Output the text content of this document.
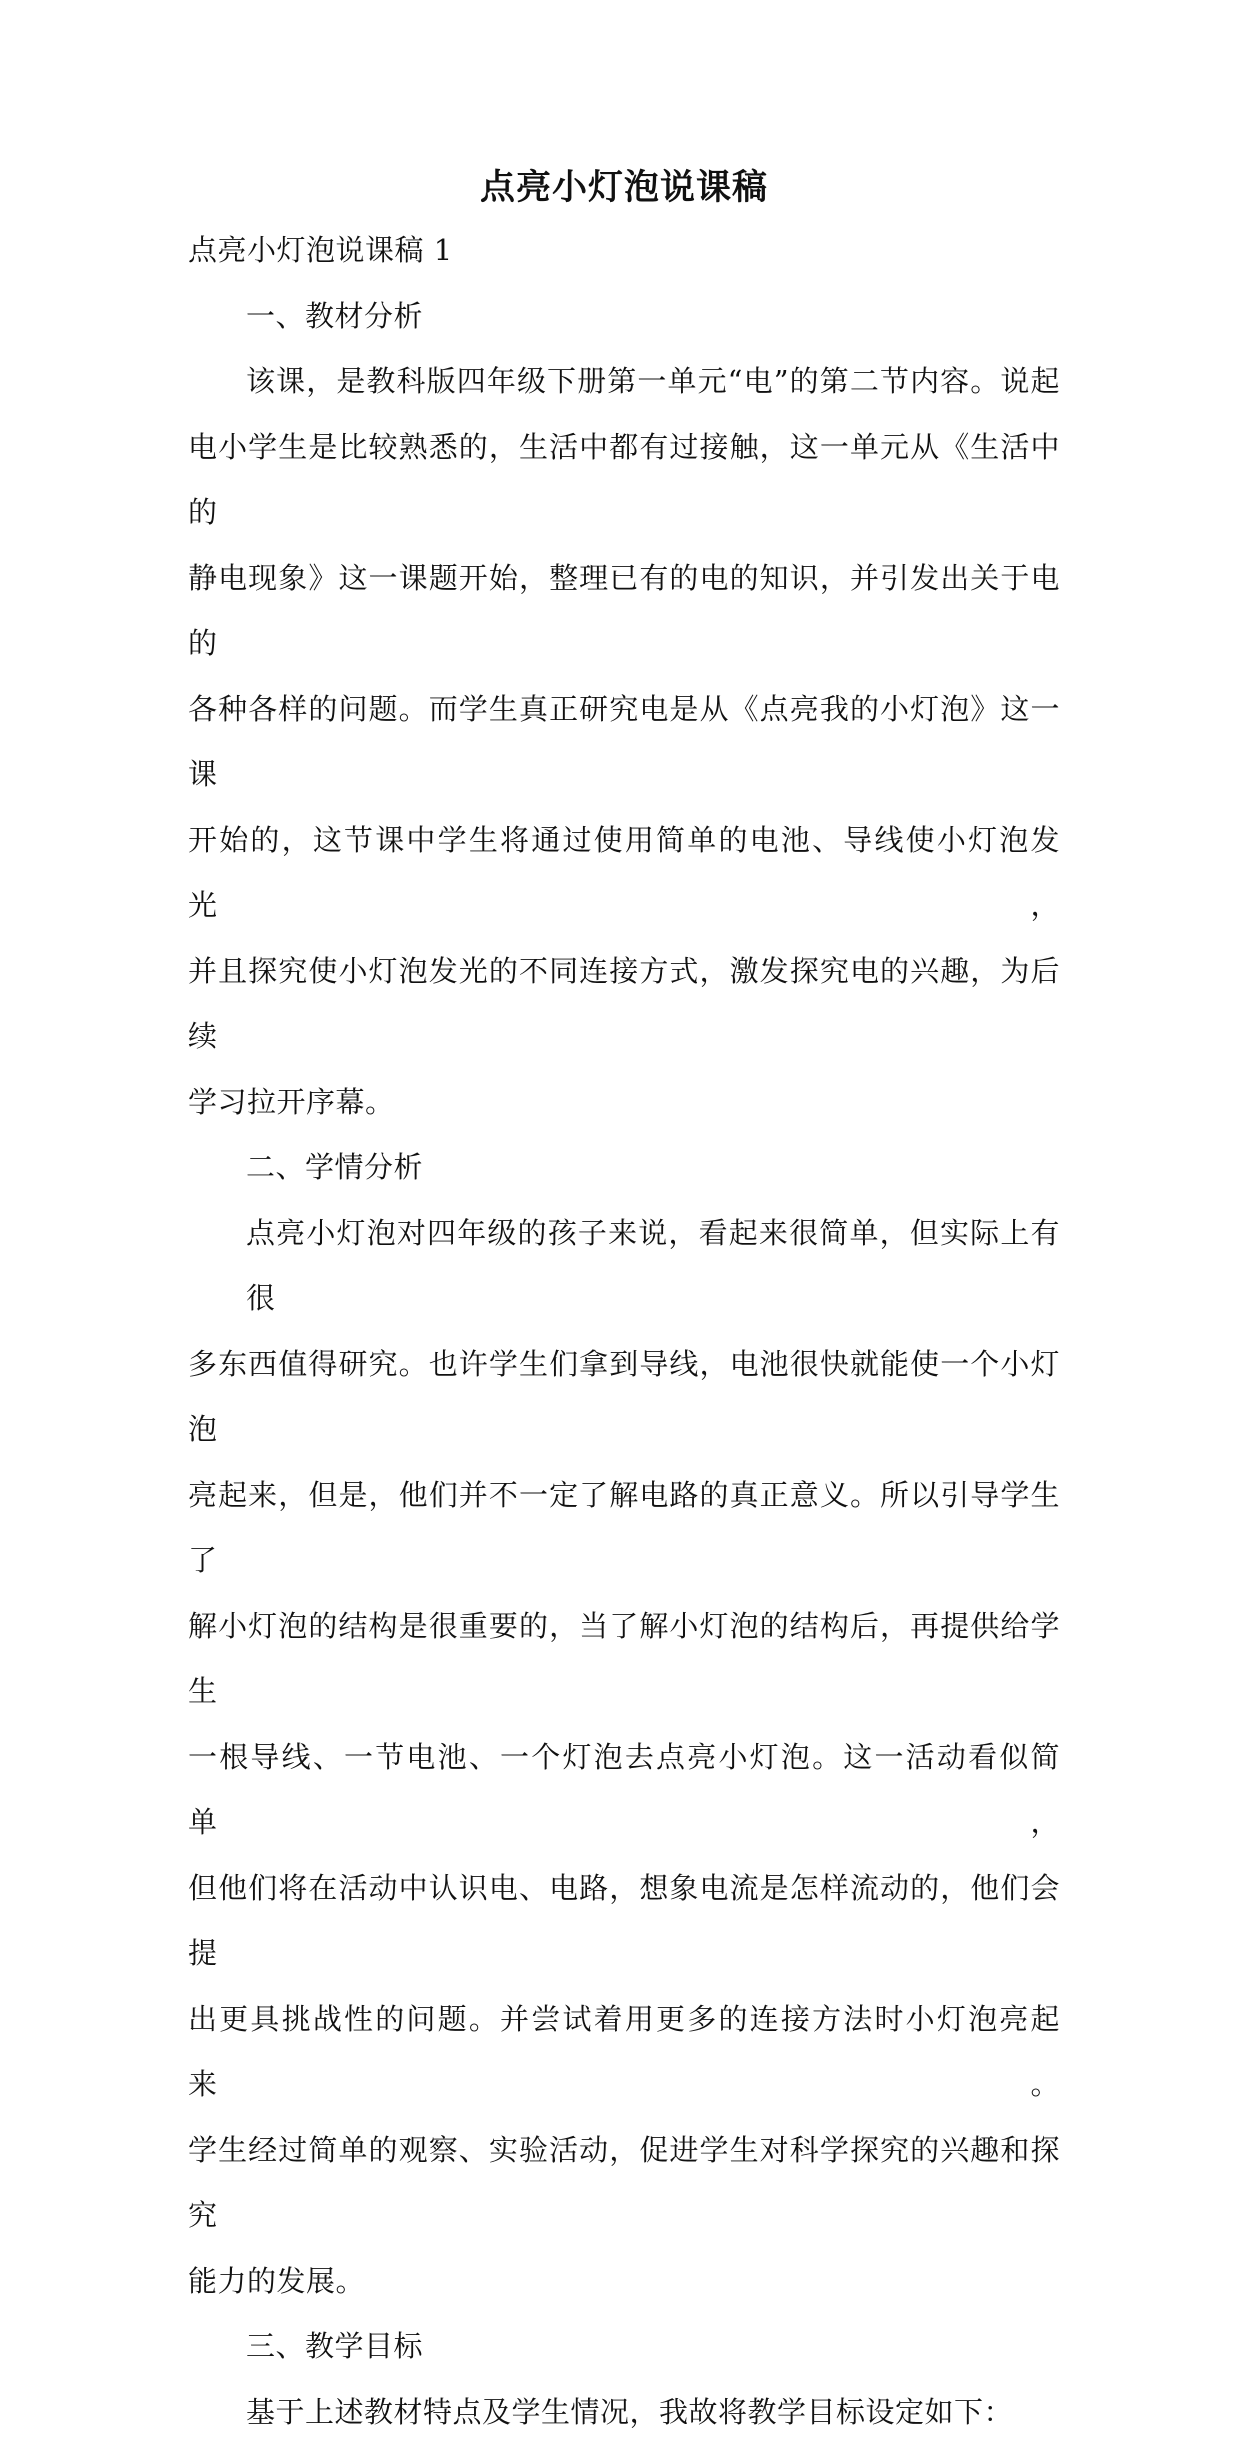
点亮小灯泡说课稿
点亮小灯泡说课稿 1
一、教材分析
该课，是教科版四年级下册第一单元“电”的第二节内容。说起
电小学生是比较熟悉的，生活中都有过接触，这一单元从《生活中的
静电现象》这一课题开始，整理已有的电的知识，并引发出关于电的
各种各样的问题。而学生真正研究电是从《点亮我的小灯泡》这一课
开始的，这节课中学生将通过使用简单的电池、导线使小灯泡发光，
并且探究使小灯泡发光的不同连接方式，激发探究电的兴趣，为后续
学习拉开序幕。
二、学情分析
点亮小灯泡对四年级的孩子来说，看起来很简单，但实际上有很
多东西值得研究。也许学生们拿到导线，电池很快就能使一个小灯泡
亮起来，但是，他们并不一定了解电路的真正意义。所以引导学生了
解小灯泡的结构是很重要的，当了解小灯泡的结构后，再提供给学生
一根导线、一节电池、一个灯泡去点亮小灯泡。这一活动看似简单，
但他们将在活动中认识电、电路，想象电流是怎样流动的，他们会提
出更具挑战性的问题。并尝试着用更多的连接方法时小灯泡亮起来。
学生经过简单的观察、实验活动，促进学生对科学探究的兴趣和探究
能力的发展。
三、教学目标
基于上述教材特点及学生情况，我故将教学目标设定如下：
